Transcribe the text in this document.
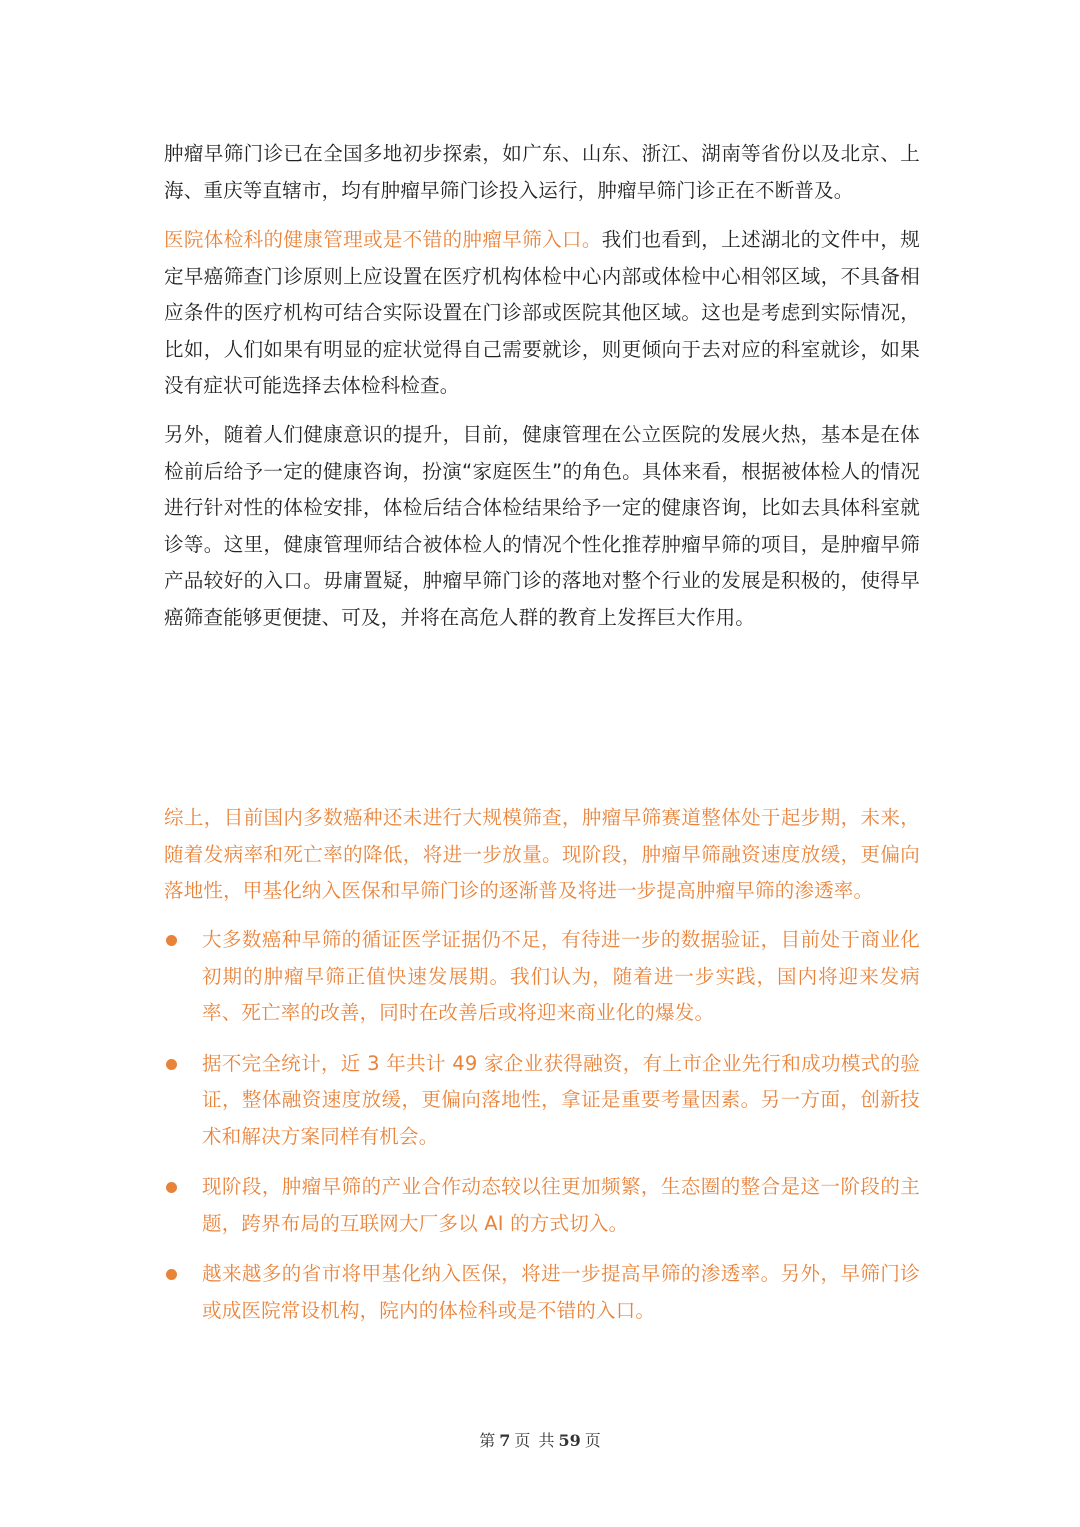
肿瘤早筛门诊已在全国多地初步探索，如广东、山东、浙江、湖南等省份以及北京、上海、重庆等直辖市，均有肿瘤早筛门诊投入运行，肿瘤早筛门诊正在不断普及。

医院体检科的健康管理或是不错的肿瘤早筛入口。我们也看到，上述湖北的文件中，规定早癌筛查门诊原则上应设置在医疗机构体检中心内部或体检中心相邻区域，不具备相应条件的医疗机构可结合实际设置在门诊部或医院其他区域。这也是考虑到实际情况，比如，人们如果有明显的症状觉得自己需要就诊，则更倾向于去对应的科室就诊，如果没有症状可能选择去体检科检查。

另外，随着人们健康意识的提升，目前，健康管理在公立医院的发展火热，基本是在体检前后给予一定的健康咨询，扮演“家庭医生”的角色。具体来看，根据被体检人的情况进行针对性的体检安排，体检后结合体检结果给予一定的健康咨询，比如去具体科室就诊等。这里，健康管理师结合被体检人的情况个性化推荐肿瘤早筛的项目，是肿瘤早筛产品较好的入口。毋庸置疑，肿瘤早筛门诊的落地对整个行业的发展是积极的，使得早癌筛查能够更便捷、可及，并将在高危人群的教育上发挥巨大作用。

综上，目前国内多数癌种还未进行大规模筛查，肿瘤早筛赛道整体处于起步期，未来，随着发病率和死亡率的降低，将进一步放量。现阶段，肿瘤早筛融资速度放缓，更偏向落地性，甲基化纳入医保和早筛门诊的逐渐普及将进一步提高肿瘤早筛的渗透率。

大多数癌种早筛的循证医学证据仍不足，有待进一步的数据验证，目前处于商业化初期的肿瘤早筛正值快速发展期。我们认为，随着进一步实践，国内将迎来发病率、死亡率的改善，同时在改善后或将迎来商业化的爆发。
据不完全统计，近 3 年共计 49 家企业获得融资，有上市企业先行和成功模式的验证，整体融资速度放缓，更偏向落地性，拿证是重要考量因素。另一方面，创新技术和解决方案同样有机会。
现阶段，肿瘤早筛的产业合作动态较以往更加频繁，生态圈的整合是这一阶段的主题，跨界布局的互联网大厂多以 AI 的方式切入。
越来越多的省市将甲基化纳入医保，将进一步提高早筛的渗透率。另外，早筛门诊或成医院常设机构，院内的体检科或是不错的入口。
第 7 页 共 59 页
